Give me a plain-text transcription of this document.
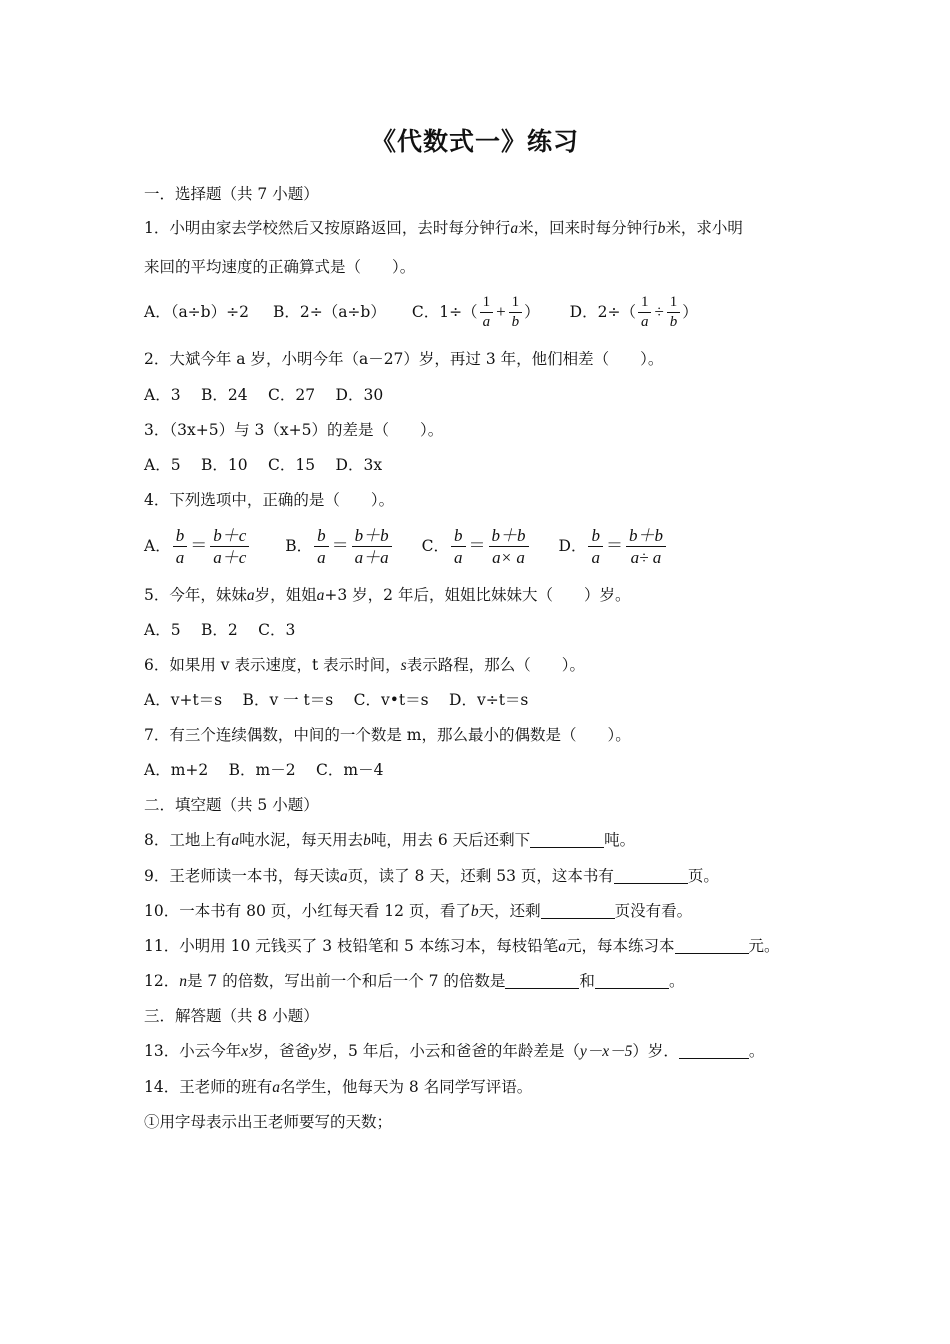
《代数式一》练习
一．选择题（共 7 小题）
1．小明由家去学校然后又按原路返回，去时每分钟行a米，回来时每分钟行b米，求小明
来回的平均速度的正确算式是（　　）。
A．（a÷b）÷2 B．2÷（a÷b） C．$1\div( \frac{1}{a} + \frac{1}{b}$ ） D．$2\div( \frac{1}{a} \div \frac{1}{b}$ ）
2．大斌今年 a 岁，小明今年（a－27）岁，再过 3 年，他们相差（　　）。
A．3　 B．24　 C．27　 D．30
3．（3x+5）与 3（x+5）的差是（　　）。
A．5　 B．10　 C．15　 D．3x
4．下列选项中，正确的是（　　）。
A． $\frac{b}{a} = \frac{b+c}{a+c}$ B． $\frac{b}{a} = \frac{b+b}{a+a}$ C． $\frac{b}{a} = \frac{b+b}{a\times a}$ D． $\frac{b}{a} = \frac{b+b}{a\div a}$
5．今年，妹妹a岁，姐姐a+3 岁，2 年后，姐姐比妹妹大（　　）岁。
A．5　 B．2　 C．3
6．如果用 v 表示速度，t 表示时间，s表示路程，那么（　　）。
A．v+t＝s　 B．v 一 t＝s　 C．v•t＝s　 D．v÷t＝s
7．有三个连续偶数，中间的一个数是 m，那么最小的偶数是（　　）。
A．m+2　 B．m－2　 C．m－4
二．填空题（共 5 小题）
8．工地上有a吨水泥，每天用去b吨，用去 6 天后还剩下	吨。
9．王老师读一本书，每天读a页，读了 8 天，还剩 53 页，这本书有	页。
10．一本书有 80 页，小红每天看 12 页，看了b天，还剩	页没有看。
11．小明用 10 元钱买了 3 枝铅笔和 5 本练习本，每枝铅笔a元，每本练习本	元。
12．n是 7 的倍数，写出前一个和后一个 7 的倍数是	和	。
三．解答题（共 8 小题）
13．小云今年x岁，爸爸y岁，5 年后，小云和爸爸的年龄差是（y－x－5）岁．	。
14．王老师的班有a名学生，他每天为 8 名同学写评语。
①用字母表示出王老师要写的天数；
